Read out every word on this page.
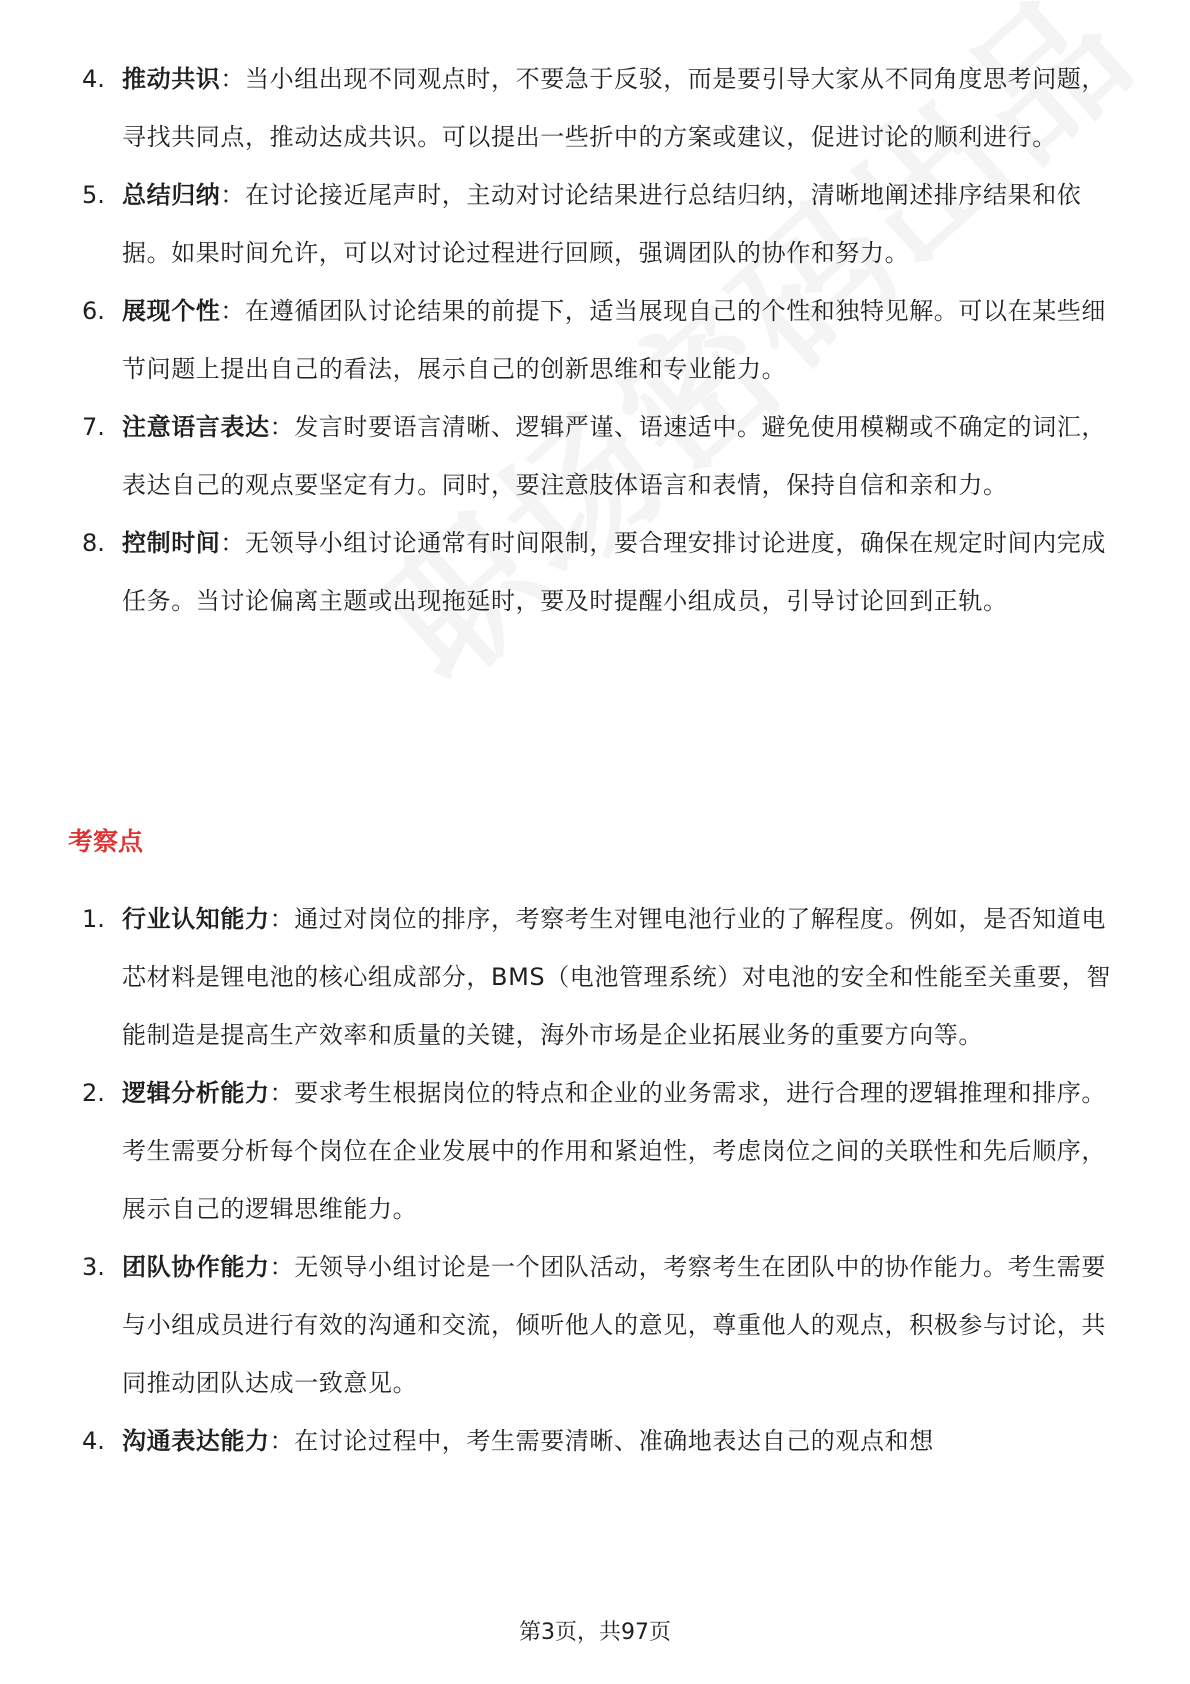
4. 推动共识：当小组出现不同观点时，不要急于反驳，而是要引导大家从不同角度思考问题，寻找共同点，推动达成共识。可以提出一些折中的方案或建议，促进讨论的顺利进行。
5. 总结归纳：在讨论接近尾声时，主动对讨论结果进行总结归纳，清晰地阐述排序结果和依据。如果时间允许，可以对讨论过程进行回顾，强调团队的协作和努力。
6. 展现个性：在遵循团队讨论结果的前提下，适当展现自己的个性和独特见解。可以在某些细节问题上提出自己的看法，展示自己的创新思维和专业能力。
7. 注意语言表达：发言时要语言清晰、逻辑严谨、语速适中。避免使用模糊或不确定的词汇，表达自己的观点要坚定有力。同时，要注意肢体语言和表情，保持自信和亲和力。
8. 控制时间：无领导小组讨论通常有时间限制，要合理安排讨论进度，确保在规定时间内完成任务。当讨论偏离主题或出现拖延时，要及时提醒小组成员，引导讨论回到正轨。
考察点
1. 行业认知能力：通过对岗位的排序，考察考生对锂电池行业的了解程度。例如，是否知道电芯材料是锂电池的核心组成部分，BMS（电池管理系统）对电池的安全和性能至关重要，智能制造是提高生产效率和质量的关键，海外市场是企业拓展业务的重要方向等。
2. 逻辑分析能力：要求考生根据岗位的特点和企业的业务需求，进行合理的逻辑推理和排序。考生需要分析每个岗位在企业发展中的作用和紧迫性，考虑岗位之间的关联性和先后顺序，展示自己的逻辑思维能力。
3. 团队协作能力：无领导小组讨论是一个团队活动，考察考生在团队中的协作能力。考生需要与小组成员进行有效的沟通和交流，倾听他人的意见，尊重他人的观点，积极参与讨论，共同推动团队达成一致意见。
4. 沟通表达能力：在讨论过程中，考生需要清晰、准确地表达自己的观点和想
第3页，共97页
